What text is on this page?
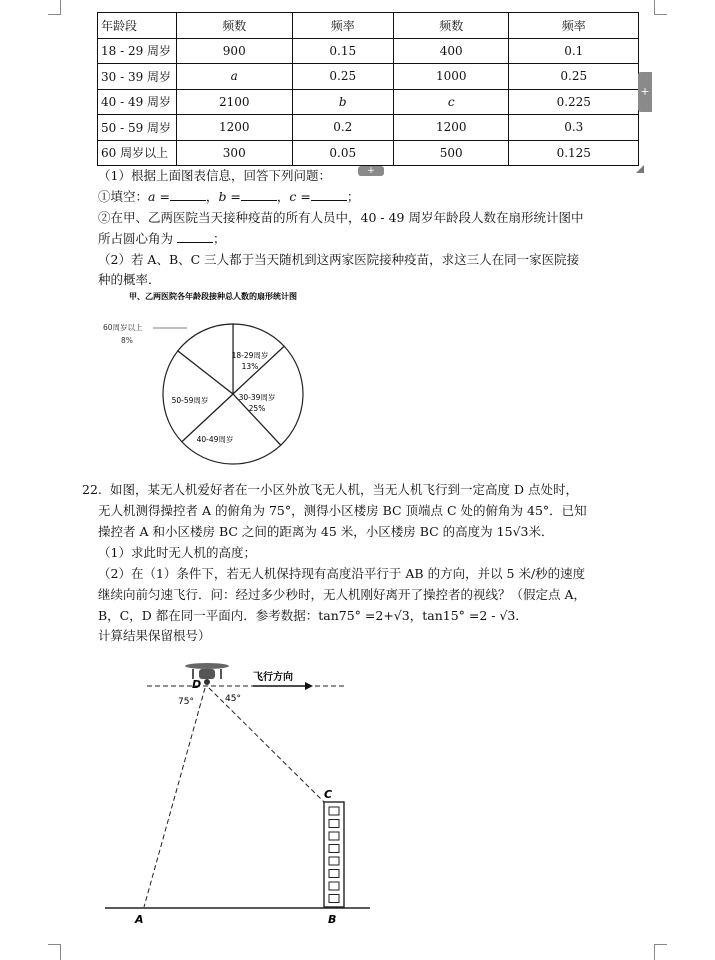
年龄段	频数	频率	频数	频率
18 - 29 周岁	900	0.15	400	0.1
30 - 39 周岁	a	0.25	1000	0.25
40 - 49 周岁	2100	b	c	0.225
50 - 59 周岁	1200	0.2	1200	0.3
60 周岁以上	300	0.05	500	0.125
+
+
（1）根据上面图表信息，回答下列问题：
①填空：a =	，b =	，c =	；
②在甲、乙两医院当天接种疫苗的所有人员中，40 - 49 周岁年龄段人数在扇形统计图中
所占圆心角为	；
（2）若 A、B、C 三人都于当天随机到这两家医院接种疫苗，求这三人在同一家医院接
种的概率．
甲、乙两医院各年龄段接种总人数的扇形统计图
18-29周岁
13%
30-39周岁
25%
40-49周岁
50-59周岁
60周岁以上
8%
22. 如图，某无人机爱好者在一小区外放飞无人机，当无人机飞行到一定高度 D 点处时，
无人机测得操控者 A 的俯角为 75°，测得小区楼房 BC 顶端点 C 处的俯角为 45°．已知
操控者 A 和小区楼房 BC 之间的距离为 45 米，小区楼房 BC 的高度为 15√3米．
（1）求此时无人机的高度；
（2）在（1）条件下，若无人机保持现有高度沿平行于 AB 的方向，并以 5 米/秒的速度
继续向前匀速飞行．问：经过多少秒时，无人机刚好离开了操控者的视线？（假定点 A，
B，C，D 都在同一平面内．参考数据：tan75° =2+√3，tan15° =2 - √3．
计算结果保留根号）
飞行方向
D
75°	45°
C
A	B
